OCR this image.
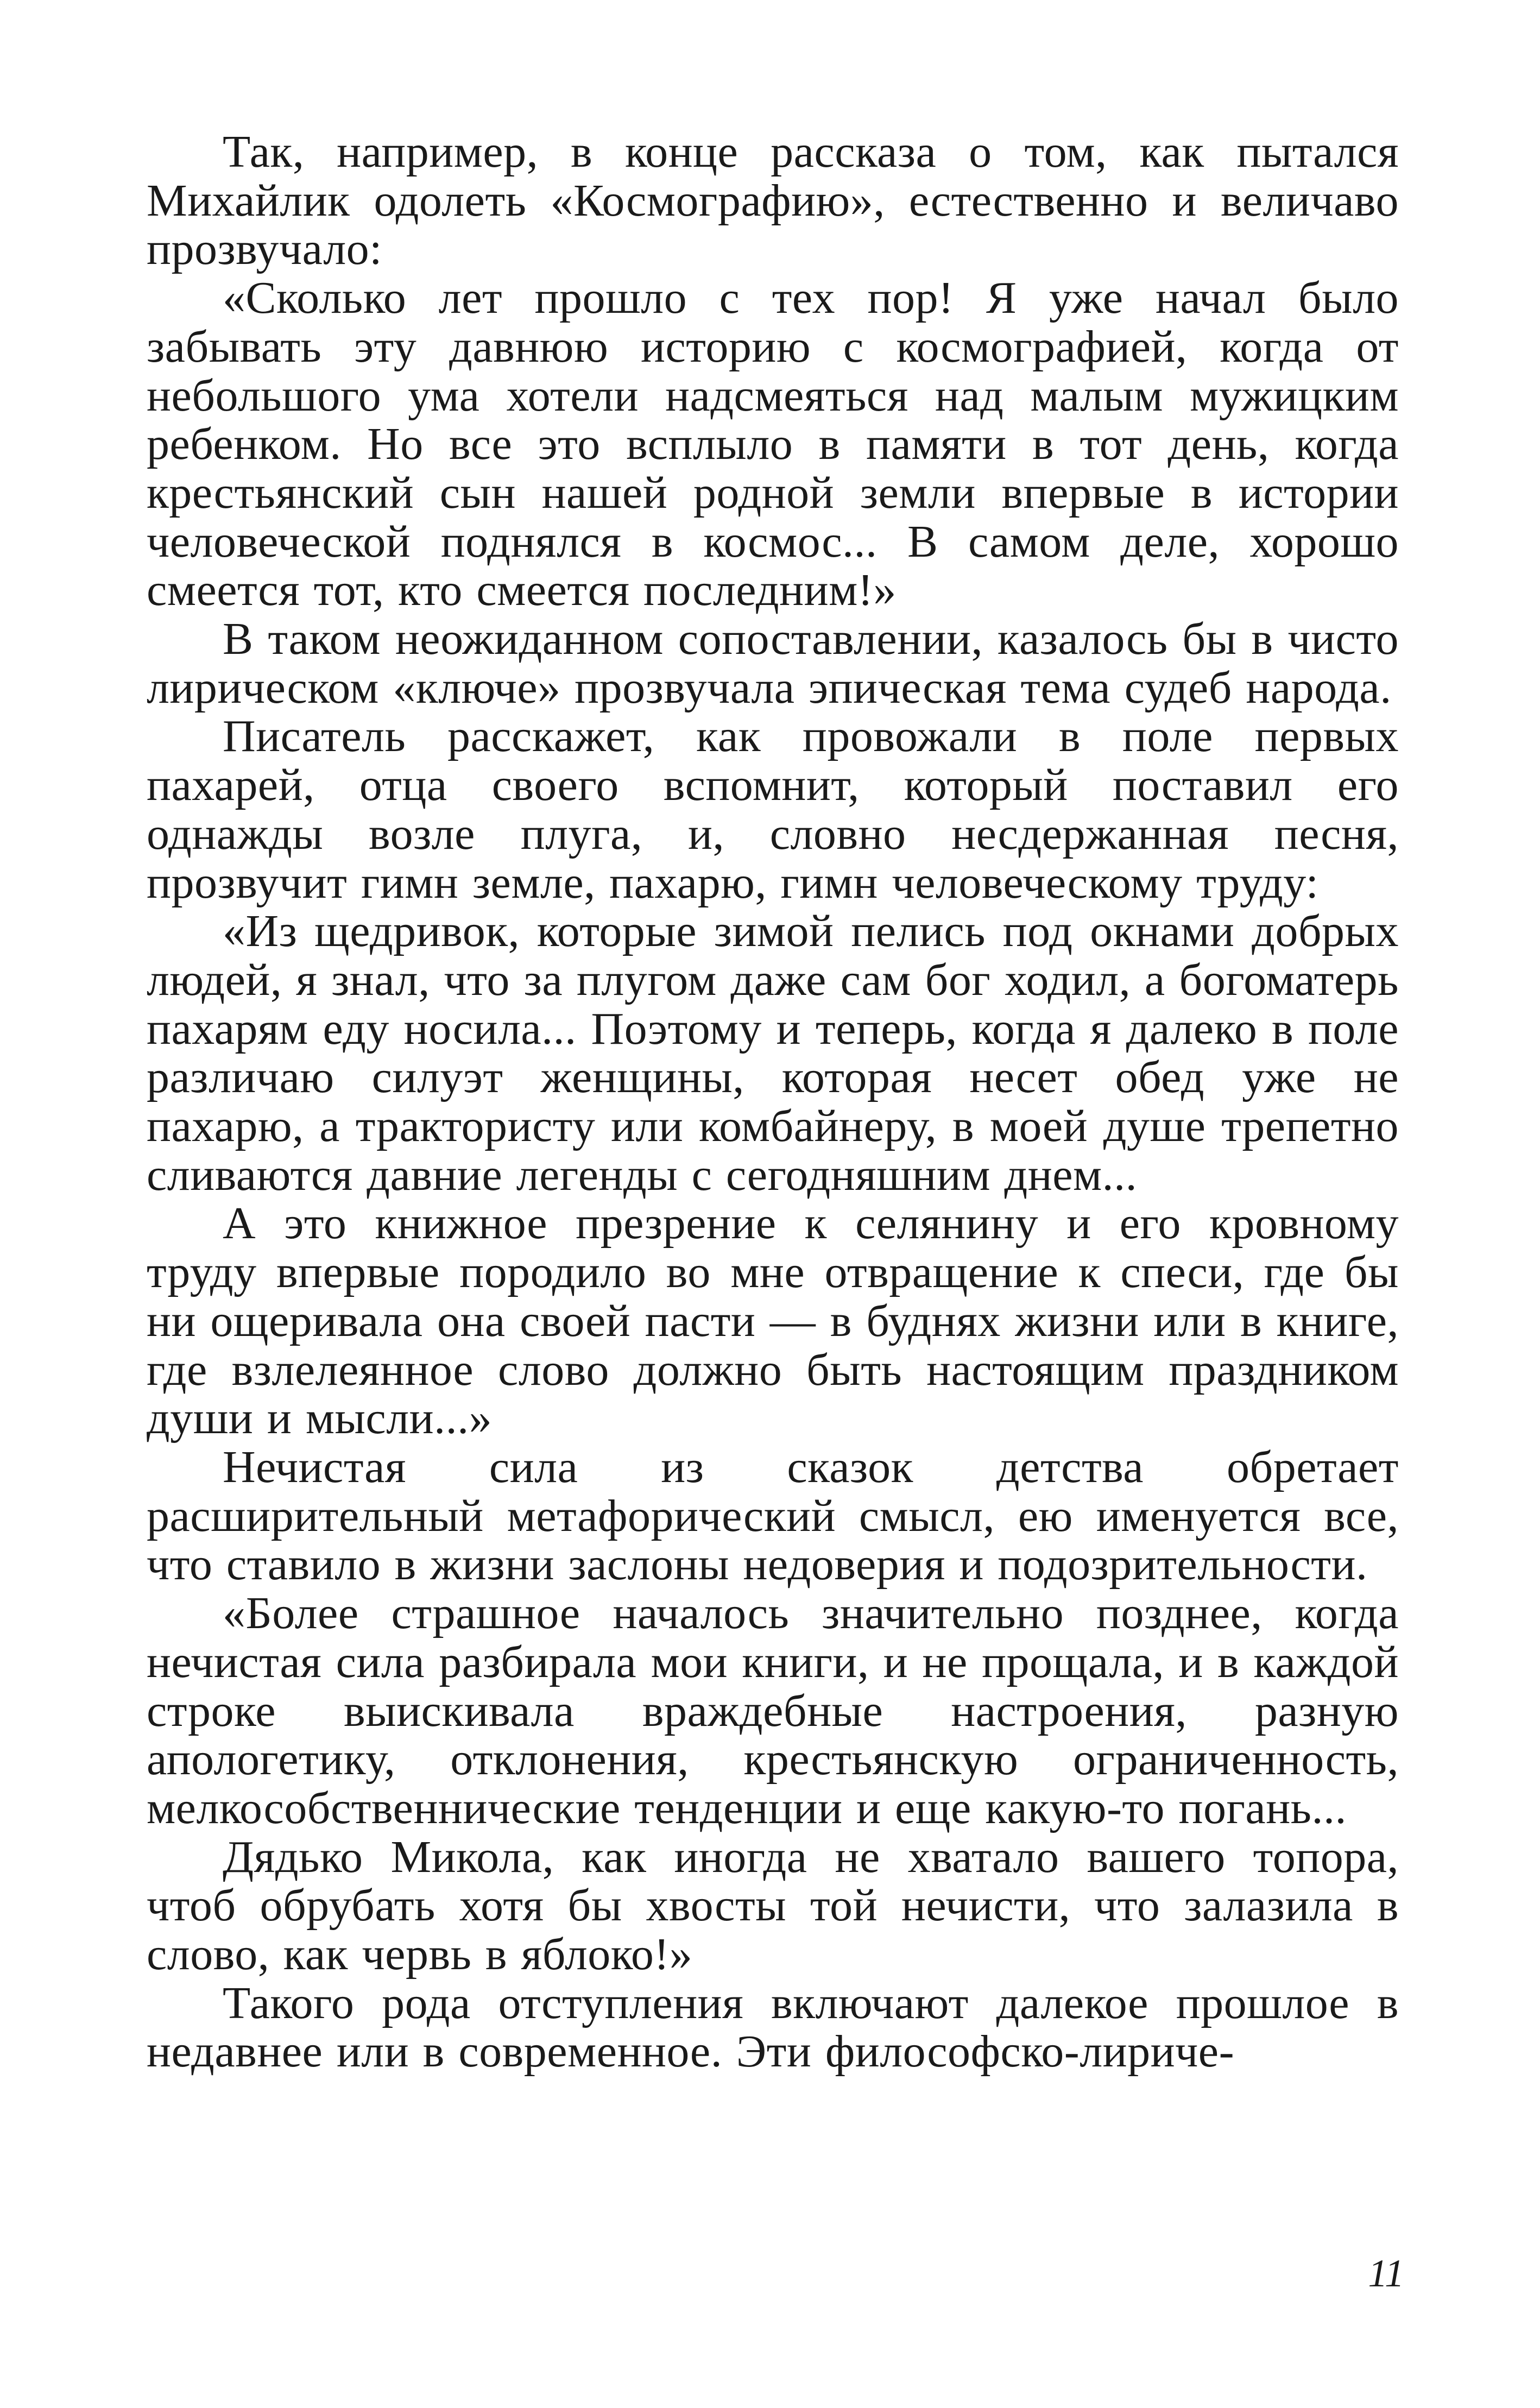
Так, например, в конце рассказа о том, как пытался Михайлик одолеть «Космографию», естественно и величаво прозвучало:

«Сколько лет прошло с тех пор! Я уже начал было забывать эту давнюю историю с космографией, когда от небольшого ума хотели надсмеяться над малым мужицким ребенком. Но все это всплыло в памяти в тот день, когда крестьянский сын нашей родной земли впервые в истории человеческой поднялся в космос... В самом деле, хорошо смеется тот, кто смеется последним!»

В таком неожиданном сопоставлении, казалось бы в чисто лирическом «ключе» прозвучала эпическая тема судеб народа.

Писатель расскажет, как провожали в поле первых пахарей, отца своего вспомнит, который поставил его однажды возле плуга, и, словно несдержанная песня, прозвучит гимн земле, пахарю, гимн человеческому труду:

«Из щедривок, которые зимой пелись под окнами добрых людей, я знал, что за плугом даже сам бог ходил, а богоматерь пахарям еду носила... Поэтому и теперь, когда я далеко в поле различаю силуэт женщины, которая несет обед уже не пахарю, а трактористу или комбайнеру, в моей душе трепетно сливаются давние легенды с сегодняшним днем...

А это книжное презрение к селянину и его кровному труду впервые породило во мне отвращение к спеси, где бы ни ощеривала она своей пасти — в буднях жизни или в книге, где взлелеянное слово должно быть настоящим праздником души и мысли...»

Нечистая сила из сказок детства обретает расширительный метафорический смысл, ею именуется все, что ставило в жизни заслоны недоверия и подозрительности.

«Более страшное началось значительно позднее, когда нечистая сила разбирала мои книги, и не прощала, и в каждой строке выискивала враждебные настроения, разную апологетику, отклонения, крестьянскую ограниченность, мелкособственнические тенденции и еще какую-то погань...

Дядько Микола, как иногда не хватало вашего топора, чтоб обрубать хотя бы хвосты той нечисти, что залазила в слово, как червь в яблоко!»

Такого рода отступления включают далекое прошлое в недавнее или в современное. Эти философско-лириче-

11
